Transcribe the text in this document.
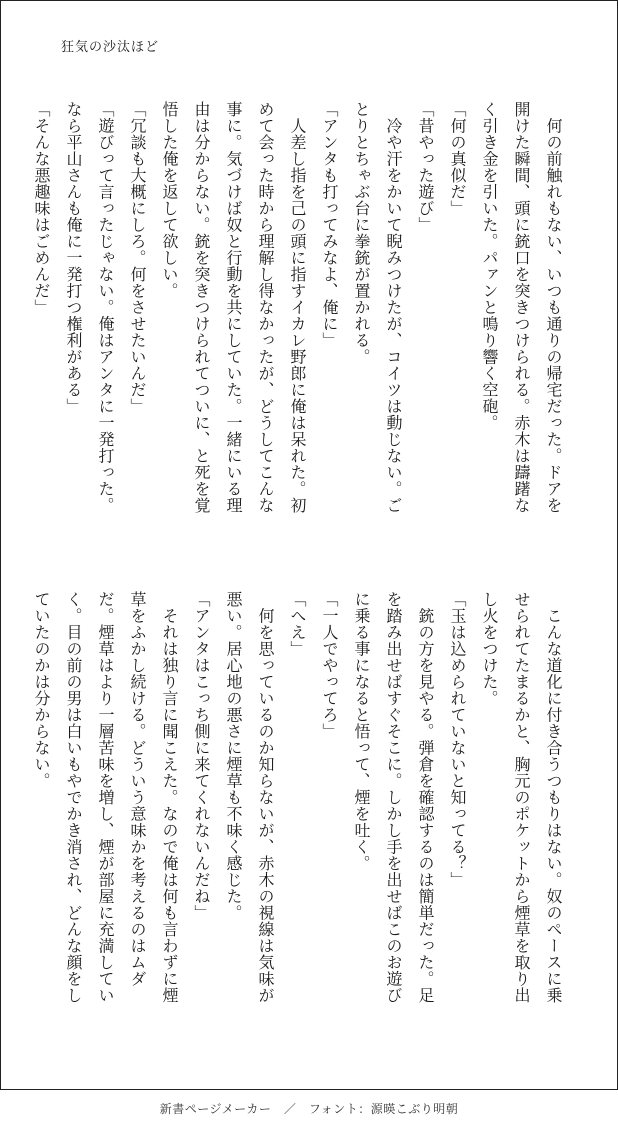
狂気の沙汰ほど

　何の前触れもない、いつも通りの帰宅だった。ドアを開けた瞬間、頭に銃口を突きつけられる。赤木は躊躇なく引き金を引いた。パァンと鳴り響く空砲。

「何の真似だ」

「昔やった遊び」

　冷や汗をかいて睨みつけたが、コイツは動じない。ごとりとちゃぶ台に拳銃が置かれる。

「アンタも打ってみなよ、俺に」

　人差し指を己の頭に指すイカレ野郎に俺は呆れた。初めて会った時から理解し得なかったが、どうしてこんな事に。気づけば奴と行動を共にしていた。一緒にいる理由は分からない。銃を突きつけられてついに、と死を覚悟した俺を返して欲しい。

「冗談も大概にしろ。何をさせたいんだ」

「遊びって言ったじゃない。俺はアンタに一発打った。なら平山さんも俺に一発打つ権利がある」

「そんな悪趣味はごめんだ」

　こんな道化に付き合うつもりはない。奴のペースに乗せられてたまるかと、胸元のポケットから煙草を取り出し火をつけた。

「玉は込められていないと知ってる？」

　銃の方を見やる。弾倉を確認するのは簡単だった。足を踏み出せばすぐそこに。しかし手を出せばこのお遊びに乗る事になると悟って、煙を吐く。

「一人でやってろ」

「へえ」

　何を思っているのか知らないが、赤木の視線は気味が悪い。居心地の悪さに煙草も不味く感じた。

「アンタはこっち側に来てくれないんだね」

　それは独り言に聞こえた。なので俺は何も言わずに煙草をふかし続ける。どういう意味かを考えるのはムダだ。煙草はより一層苦味を増し、煙が部屋に充満していく。目の前の男は白いもやでかき消され、どんな顔をしていたのかは分からない。

新書ページメーカー　／　フォント：源暎こぶり明朝
